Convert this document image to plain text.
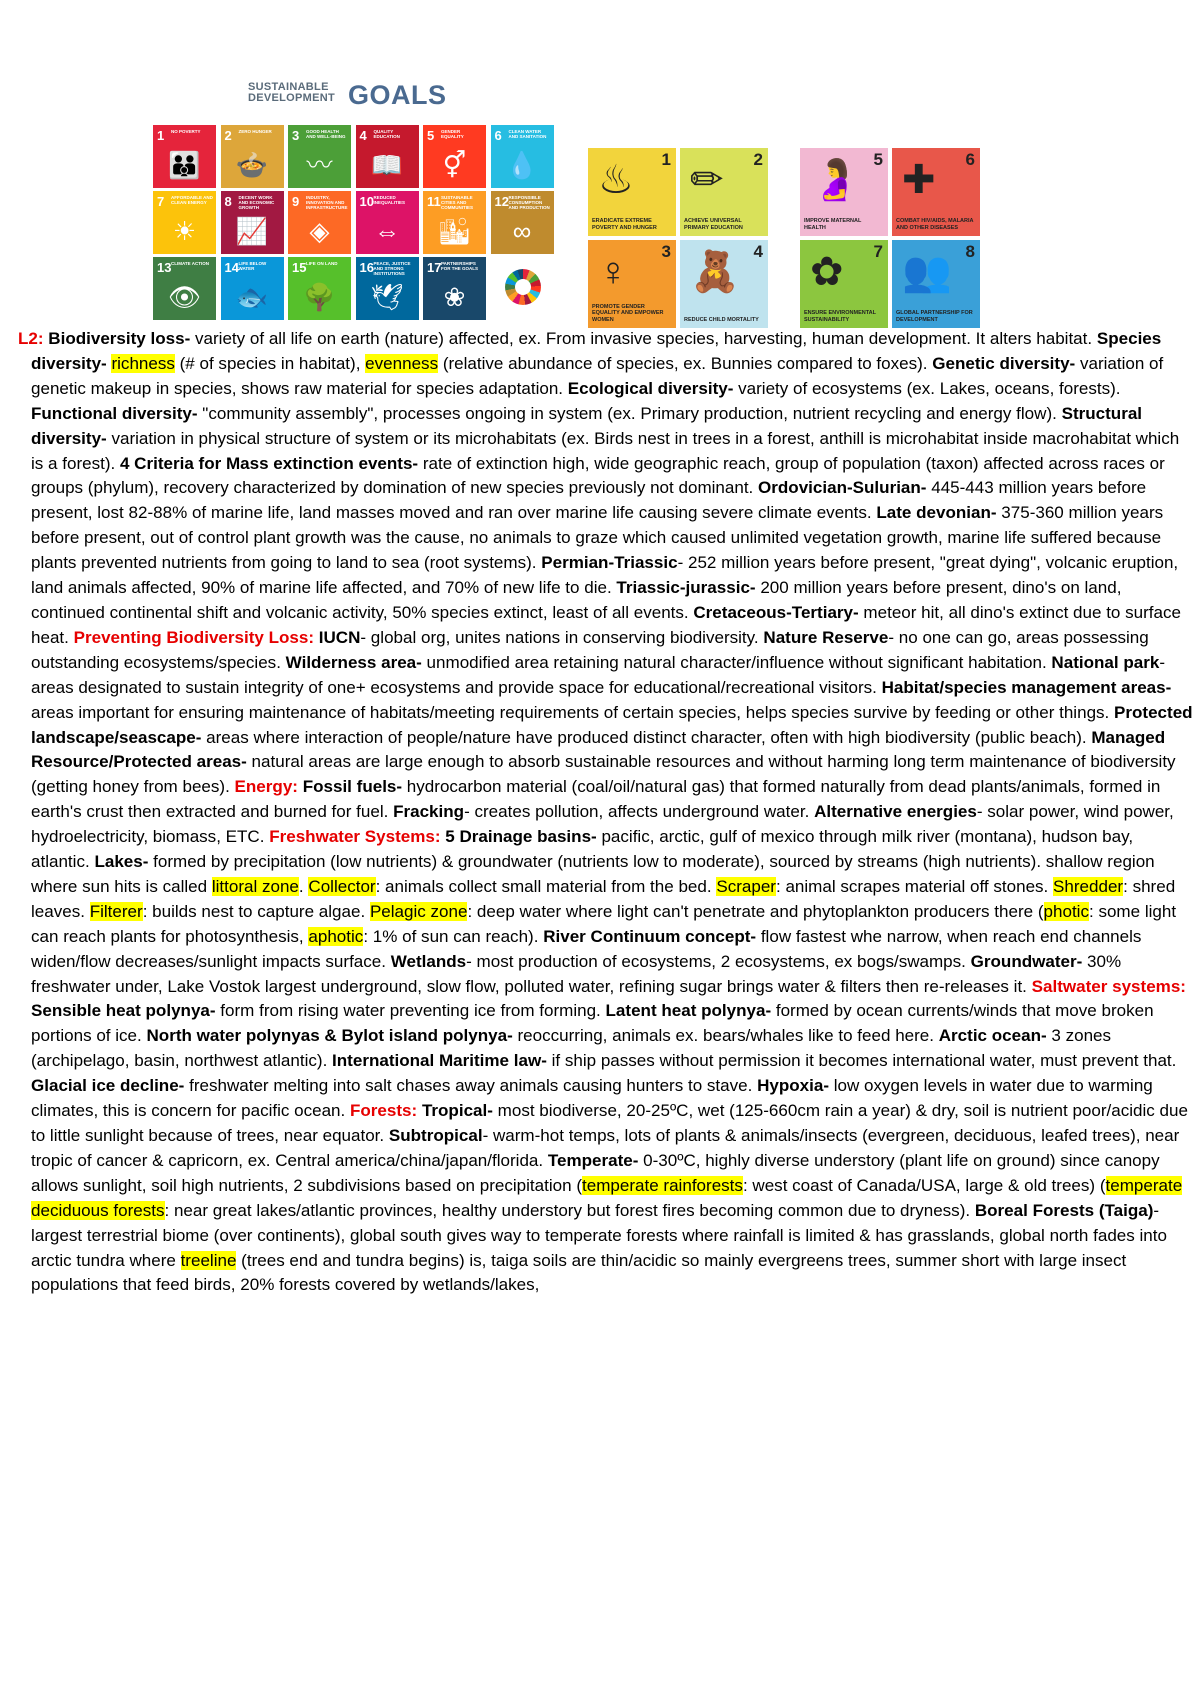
SUSTAINABLE
DEVELOPMENT GOALS
1 NO POVERTY
👪
2 ZERO HUNGER
🍲
3 GOOD HEALTH AND WELL-BEING
〰
4 QUALITY EDUCATION
📖
5 GENDER EQUALITY
⚥
6 CLEAN WATER AND SANITATION
💧
7 AFFORDABLE AND CLEAN ENERGY
☀
8 DECENT WORK AND ECONOMIC GROWTH
📈
9 INDUSTRY, INNOVATION AND INFRASTRUCTURE
◈
10 REDUCED INEQUALITIES
⇔
11 SUSTAINABLE CITIES AND COMMUNITIES
🏙
12 RESPONSIBLE CONSUMPTION AND PRODUCTION
∞
13 CLIMATE ACTION
👁
14 LIFE BELOW WATER
🐟
15 LIFE ON LAND
🌳
16 PEACE, JUSTICE AND STRONG INSTITUTIONS
🕊
17 PARTNERSHIPS FOR THE GOALS
❀
1
♨
ERADICATE EXTREME POVERTY AND HUNGER
2
✏
ACHIEVE UNIVERSAL PRIMARY EDUCATION
3
♀
PROMOTE GENDER EQUALITY AND EMPOWER WOMEN
4
🧸
REDUCE CHILD MORTALITY
5
🤰
IMPROVE MATERNAL HEALTH
6
✚
COMBAT HIV/AIDS, MALARIA AND OTHER DISEASES
7
✿
ENSURE ENVIRONMENTAL SUSTAINABILITY
8
👥
GLOBAL PARTNERSHIP FOR DEVELOPMENT

L2: Biodiversity loss- variety of all life on earth (nature) affected, ex. From invasive species, harvesting, human development. It alters habitat. Species diversity- richness (# of species in habitat), evenness (relative abundance of species, ex. Bunnies compared to foxes). Genetic diversity- variation of genetic makeup in species, shows raw material for species adaptation. Ecological diversity- variety of ecosystems (ex. Lakes, oceans, forests). Functional diversity- "community assembly", processes ongoing in system (ex. Primary production, nutrient recycling and energy flow). Structural diversity- variation in physical structure of system or its microhabitats (ex. Birds nest in trees in a forest, anthill is microhabitat inside macrohabitat which is a forest). 4 Criteria for Mass extinction events- rate of extinction high, wide geographic reach, group of population (taxon) affected across races or groups (phylum), recovery characterized by domination of new species previously not dominant. Ordovician-Sulurian- 445-443 million years before present, lost 82-88% of marine life, land masses moved and ran over marine life causing severe climate events. Late devonian- 375-360 million years before present, out of control plant growth was the cause, no animals to graze which caused unlimited vegetation growth, marine life suffered because plants prevented nutrients from going to land to sea (root systems). Permian-Triassic- 252 million years before present, "great dying", volcanic eruption, land animals affected, 90% of marine life affected, and 70% of new life to die. Triassic-jurassic- 200 million years before present, dino's on land, continued continental shift and volcanic activity, 50% species extinct, least of all events. Cretaceous-Tertiary- meteor hit, all dino's extinct due to surface heat. Preventing Biodiversity Loss: IUCN- global org, unites nations in conserving biodiversity. Nature Reserve- no one can go, areas possessing outstanding ecosystems/species. Wilderness area- unmodified area retaining natural character/influence without significant habitation. National park- areas designated to sustain integrity of one+ ecosystems and provide space for educational/recreational visitors. Habitat/species management areas- areas important for ensuring maintenance of habitats/meeting requirements of certain species, helps species survive by feeding or other things. Protected landscape/seascape- areas where interaction of people/nature have produced distinct character, often with high biodiversity (public beach). Managed Resource/Protected areas- natural areas are large enough to absorb sustainable resources and without harming long term maintenance of biodiversity (getting honey from bees). Energy: Fossil fuels- hydrocarbon material (coal/oil/natural gas) that formed naturally from dead plants/animals, formed in earth's crust then extracted and burned for fuel. Fracking- creates pollution, affects underground water. Alternative energies- solar power, wind power, hydroelectricity, biomass, ETC. Freshwater Systems: 5 Drainage basins- pacific, arctic, gulf of mexico through milk river (montana), hudson bay, atlantic. Lakes- formed by precipitation (low nutrients) & groundwater (nutrients low to moderate), sourced by streams (high nutrients). shallow region where sun hits is called littoral zone. Collector: animals collect small material from the bed. Scraper: animal scrapes material off stones. Shredder: shred leaves. Filterer: builds nest to capture algae. Pelagic zone: deep water where light can't penetrate and phytoplankton producers there (photic: some light can reach plants for photosynthesis, aphotic: 1% of sun can reach). River Continuum concept- flow fastest whe narrow, when reach end channels widen/flow decreases/sunlight impacts surface. Wetlands- most production of ecosystems, 2 ecosystems, ex bogs/swamps. Groundwater- 30% freshwater under, Lake Vostok largest underground, slow flow, polluted water, refining sugar brings water & filters then re-releases it. Saltwater systems: Sensible heat polynya- form from rising water preventing ice from forming. Latent heat polynya- formed by ocean currents/winds that move broken portions of ice. North water polynyas & Bylot island polynya- reoccurring, animals ex. bears/whales like to feed here. Arctic ocean- 3 zones (archipelago, basin, northwest atlantic). International Maritime law- if ship passes without permission it becomes international water, must prevent that. Glacial ice decline- freshwater melting into salt chases away animals causing hunters to stave. Hypoxia- low oxygen levels in water due to warming climates, this is concern for pacific ocean. Forests: Tropical- most biodiverse, 20-25ºC, wet (125-660cm rain a year) & dry, soil is nutrient poor/acidic due to little sunlight because of trees, near equator. Subtropical- warm-hot temps, lots of plants & animals/insects (evergreen, deciduous, leafed trees), near tropic of cancer & capricorn, ex. Central america/china/japan/florida. Temperate- 0-30ºC, highly diverse understory (plant life on ground) since canopy allows sunlight, soil high nutrients, 2 subdivisions based on precipitation (temperate rainforests: west coast of Canada/USA, large & old trees) (temperate deciduous forests: near great lakes/atlantic provinces, healthy understory but forest fires becoming common due to dryness). Boreal Forests (Taiga)- largest terrestrial biome (over continents), global south gives way to temperate forests where rainfall is limited & has grasslands, global north fades into arctic tundra where treeline (trees end and tundra begins) is, taiga soils are thin/acidic so mainly evergreens trees, summer short with large insect populations that feed birds, 20% forests covered by wetlands/lakes,
